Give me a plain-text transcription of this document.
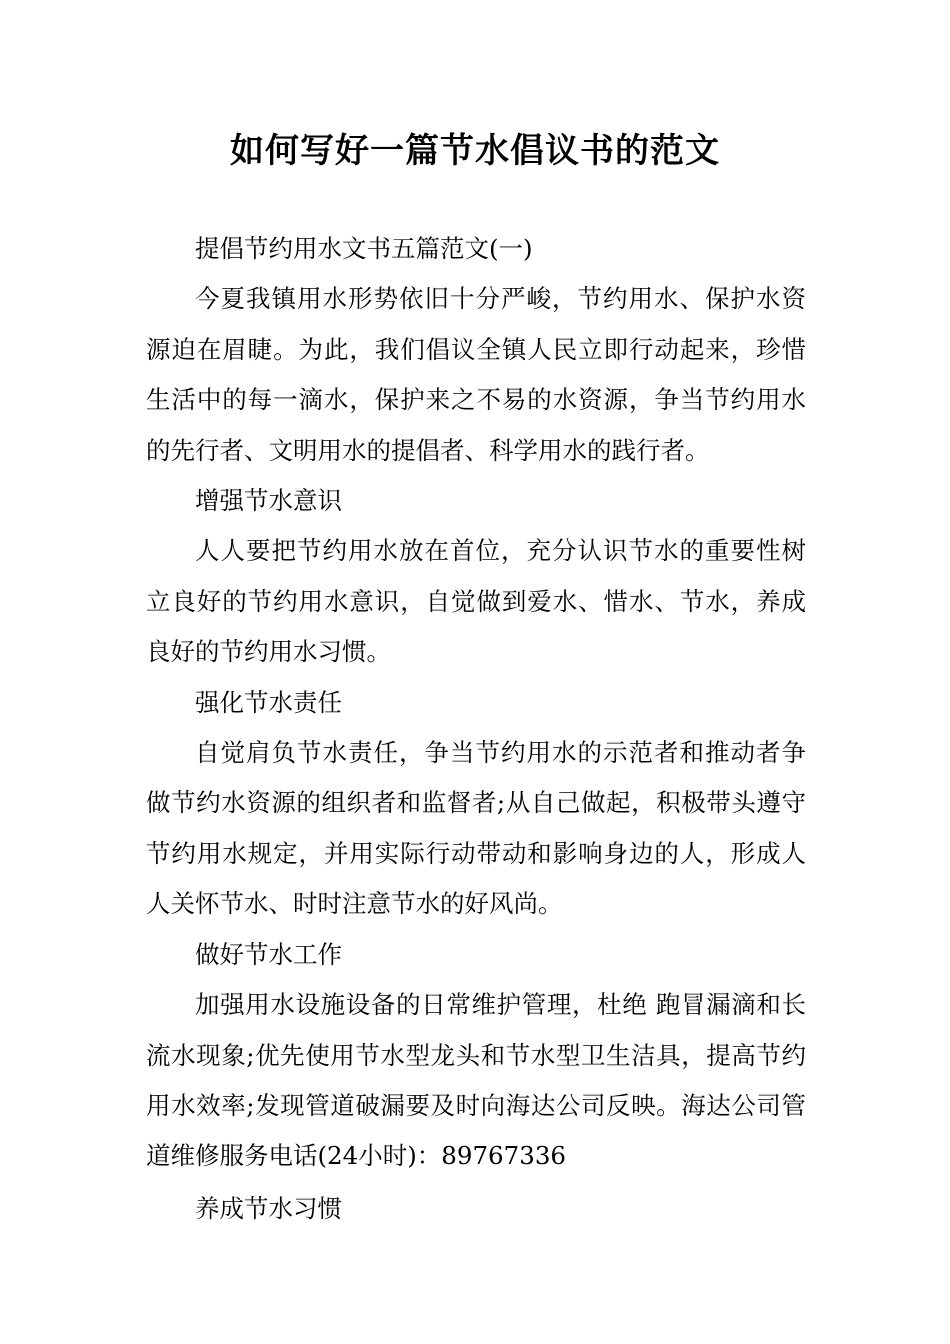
如何写好一篇节水倡议书的范文

提倡节约用水文书五篇范文(一)

今夏我镇用水形势依旧十分严峻，节约用水、保护水资源迫在眉睫。为此，我们倡议全镇人民立即行动起来，珍惜生活中的每一滴水，保护来之不易的水资源，争当节约用水的先行者、文明用水的提倡者、科学用水的践行者。

增强节水意识

人人要把节约用水放在首位，充分认识节水的重要性树立良好的节约用水意识，自觉做到爱水、惜水、节水，养成良好的节约用水习惯。

强化节水责任

自觉肩负节水责任，争当节约用水的示范者和推动者争做节约水资源的组织者和监督者;从自己做起，积极带头遵守节约用水规定，并用实际行动带动和影响身边的人，形成人人关怀节水、时时注意节水的好风尚。

做好节水工作

加强用水设施设备的日常维护管理，杜绝 跑冒漏滴和长流水现象;优先使用节水型龙头和节水型卫生洁具，提高节约用水效率;发现管道破漏要及时向海达公司反映。海达公司管道维修服务电话(24小时)：89767336

养成节水习惯
